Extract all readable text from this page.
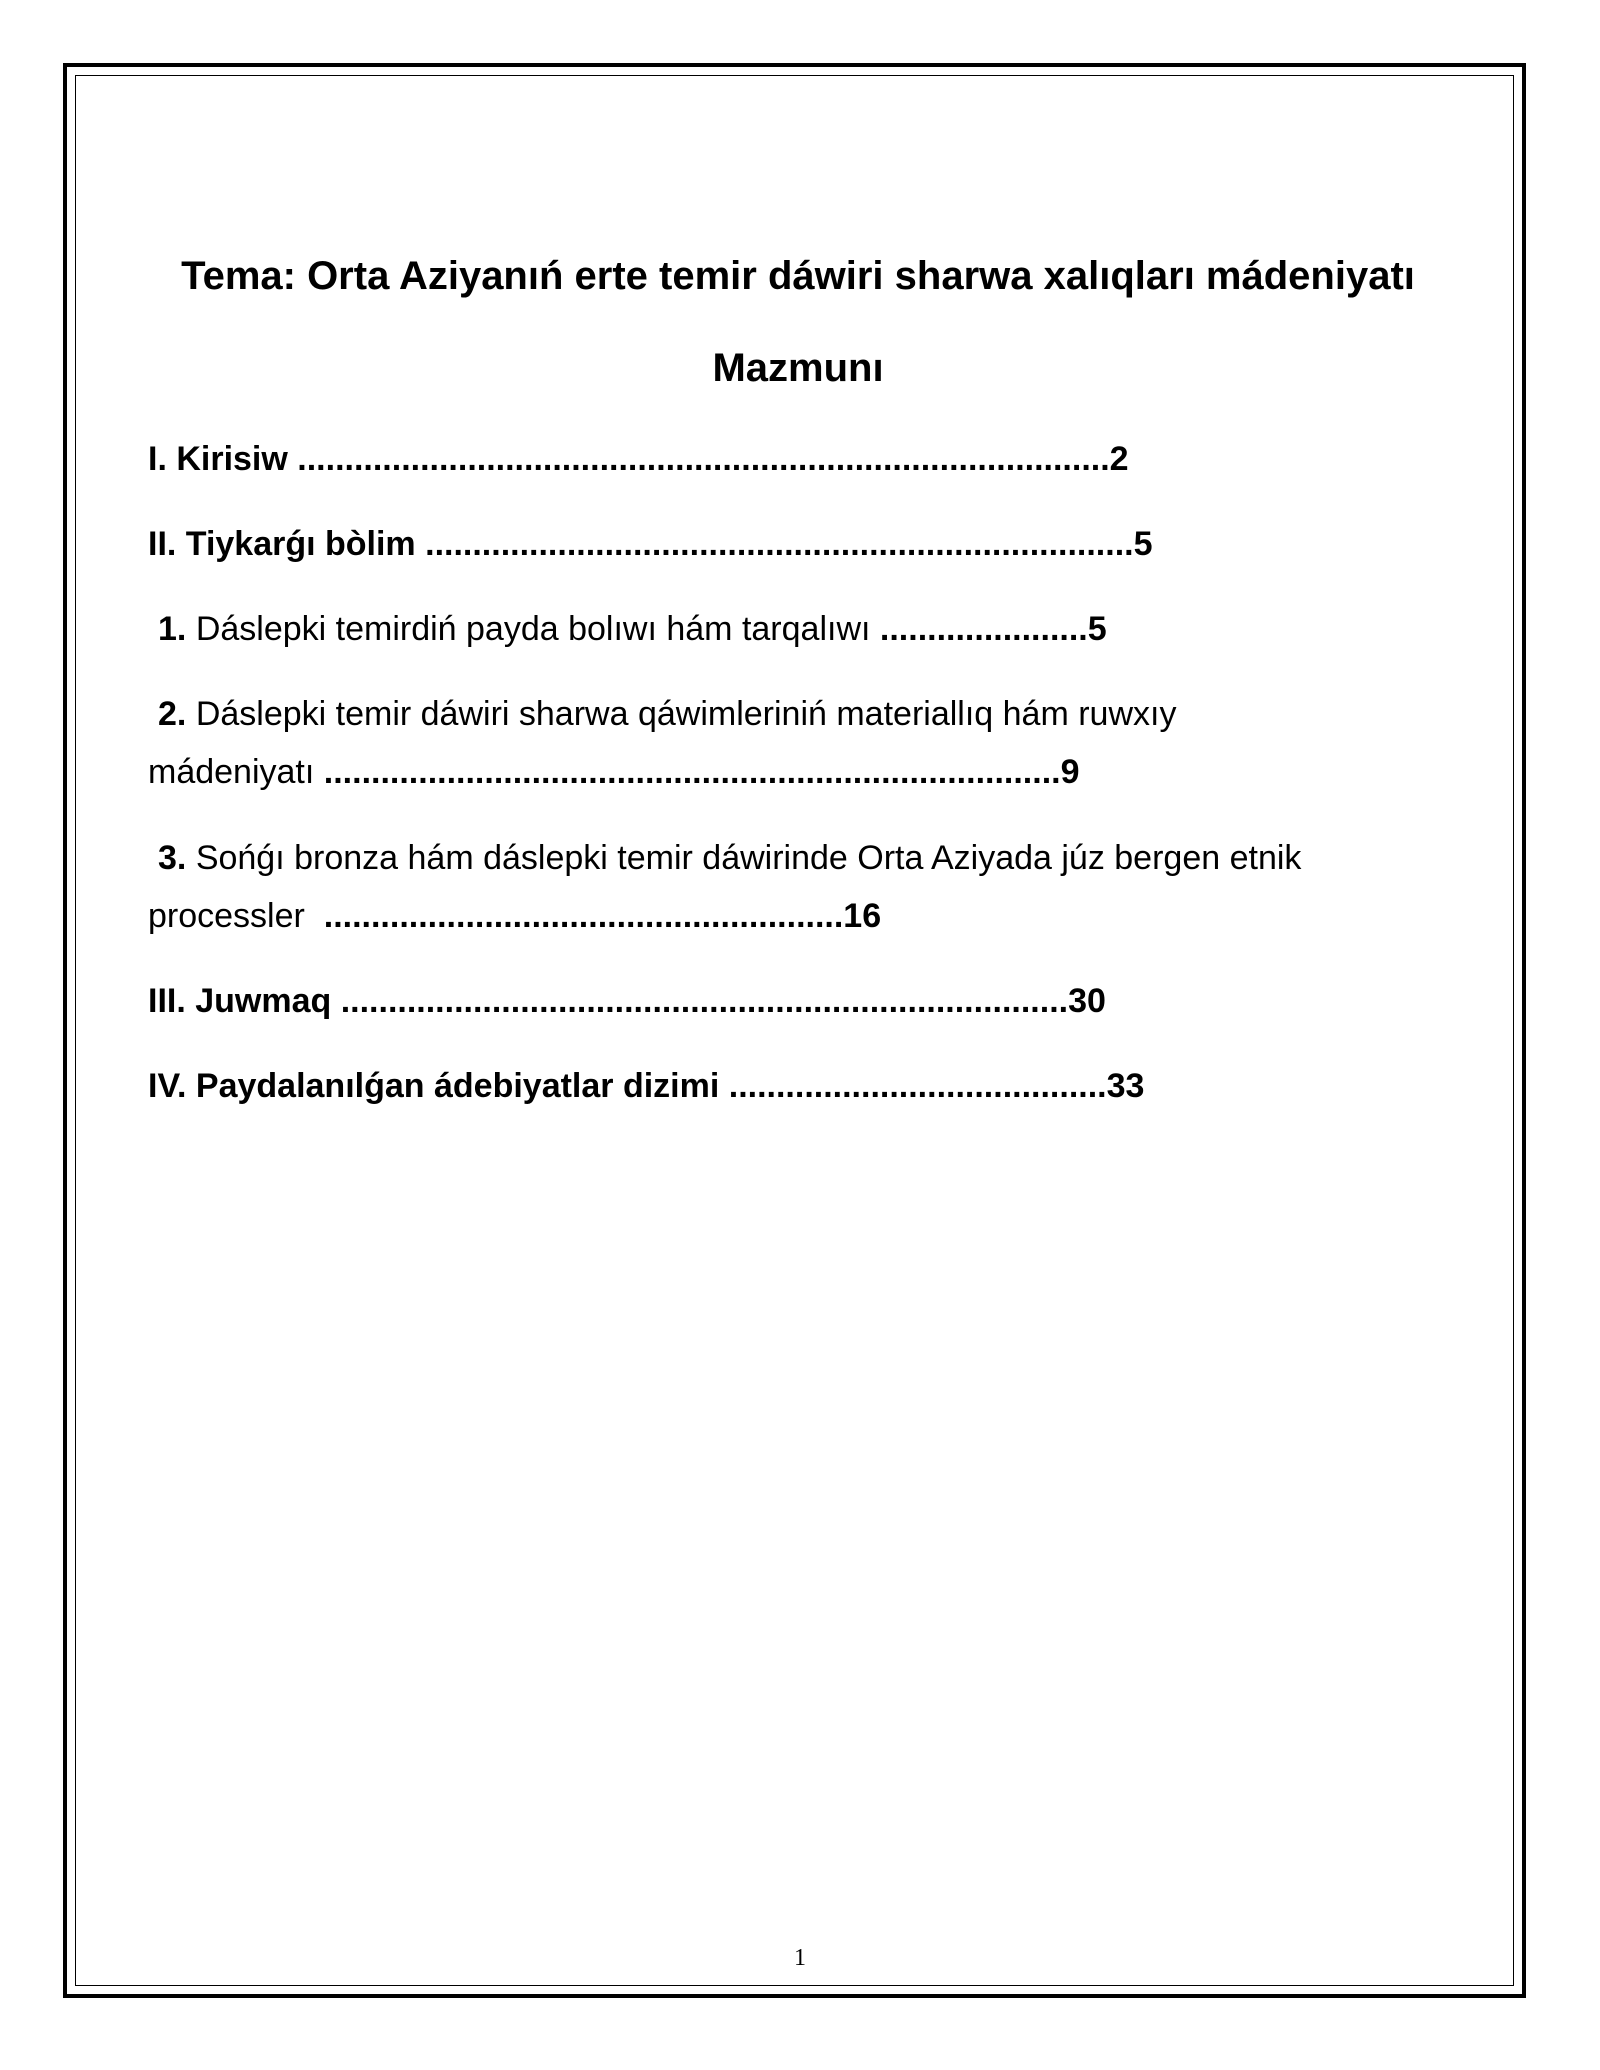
Tema: Orta Aziyanıń erte temir dáwiri sharwa xalıqları mádeniyatı
Mazmunı
I. Kirisiw ......................................................................................2
II. Tiykarǵı bòlim ...........................................................................5
1. Dáslepki temirdiń payda bolıwı hám tarqalıwı ......................5
2. Dáslepki temir dáwiri sharwa qáwimleriniń materiallıq hám ruwxıy
mádeniyatı ..............................................................................9
3. Sońǵı bronza hám dáslepki temir dáwirinde Orta Aziyada júz bergen etnik
processler .......................................................16
III. Juwmaq .............................................................................30
IV. Paydalanılǵan ádebiyatlar dizimi ........................................33
1
